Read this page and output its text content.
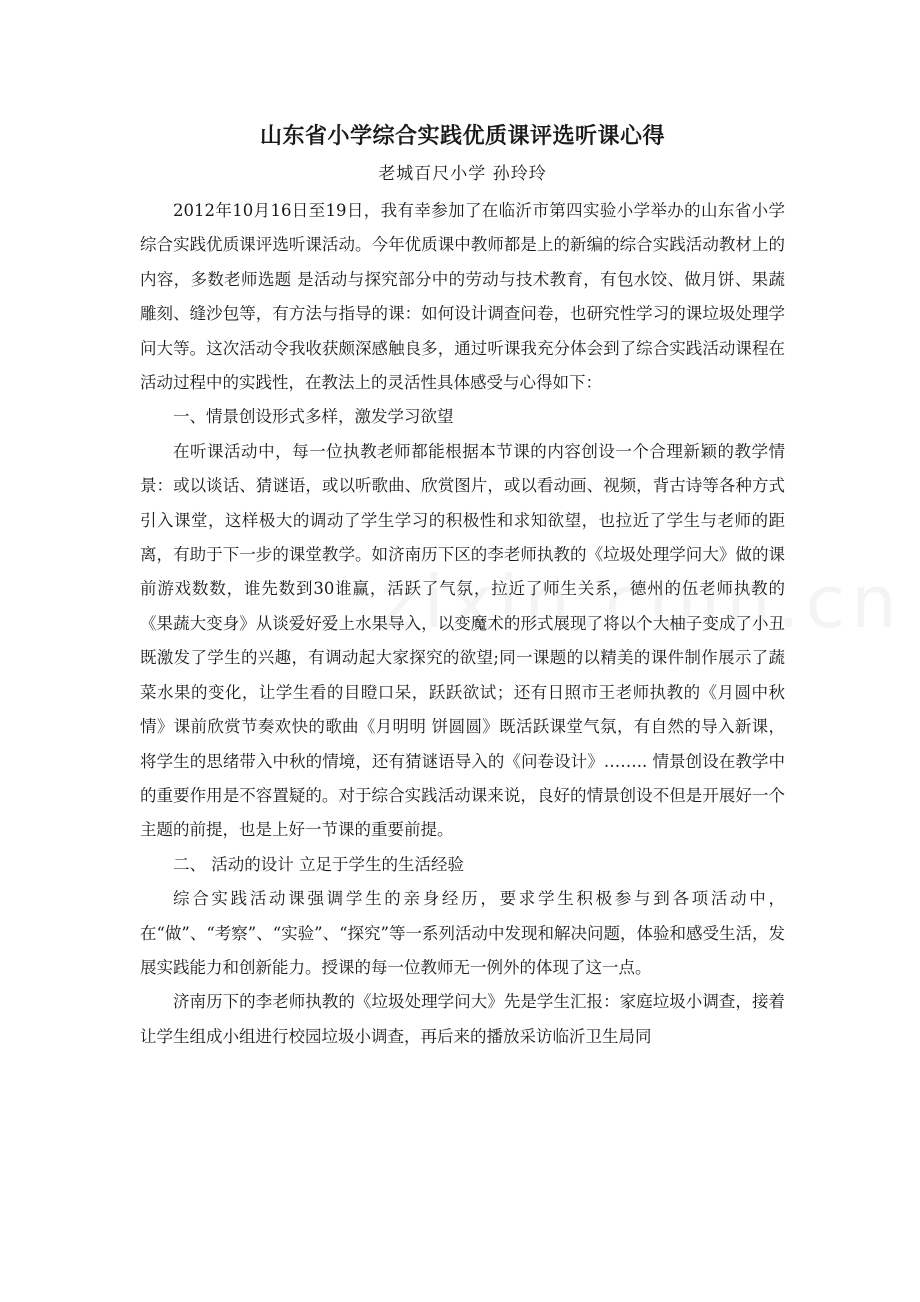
山东省小学综合实践优质课评选听课心得
老城百尺小学 孙玲玲

2012年10月16日至19日，我有幸参加了在临沂市第四实验小学举办的山东省小学综合实践优质课评选听课活动。今年优质课中教师都是上的新编的综合实践活动教材上的内容，多数老师选题 是活动与探究部分中的劳动与技术教育，有包水饺、做月饼、果蔬雕刻、缝沙包等，有方法与指导的课：如何设计调查问卷，也研究性学习的课垃圾处理学问大等。这次活动令我收获颇深感触良多，通过听课我充分体会到了综合实践活动课程在活动过程中的实践性，在教法上的灵活性具体感受与心得如下：

一、情景创设形式多样，激发学习欲望

在听课活动中，每一位执教老师都能根据本节课的内容创设一个合理新颖的教学情景：或以谈话、猜谜语，或以听歌曲、欣赏图片，或以看动画、视频，背古诗等各种方式引入课堂，这样极大的调动了学生学习的积极性和求知欲望，也拉近了学生与老师的距离，有助于下一步的课堂教学。如济南历下区的李老师执教的《垃圾处理学问大》做的课前游戏数数，谁先数到30谁赢，活跃了气氛，拉近了师生关系，德州的伍老师执教的《果蔬大变身》从谈爱好爱上水果导入，以变魔术的形式展现了将以个大柚子变成了小丑既激发了学生的兴趣，有调动起大家探究的欲望;同一课题的以精美的课件制作展示了蔬菜水果的变化，让学生看的目瞪口呆，跃跃欲试；还有日照市王老师执教的《月圆中秋情》课前欣赏节奏欢快的歌曲《月明明 饼圆圆》既活跃课堂气氛，有自然的导入新课，将学生的思绪带入中秋的情境，还有猜谜语导入的《问卷设计》…….. 情景创设在教学中的重要作用是不容置疑的。对于综合实践活动课来说，良好的情景创设不但是开展好一个主题的前提，也是上好一节课的重要前提。

二、 活动的设计 立足于学生的生活经验

综合实践活动课强调学生的亲身经历，要求学生积极参与到各项活动中，在“做”、“考察”、“实验”、“探究”等一系列活动中发现和解决问题，体验和感受生活，发展实践能力和创新能力。授课的每一位教师无一例外的体现了这一点。

济南历下的李老师执教的《垃圾处理学问大》先是学生汇报：家庭垃圾小调查，接着让学生组成小组进行校园垃圾小调查，再后来的播放采访临沂卫生局同
